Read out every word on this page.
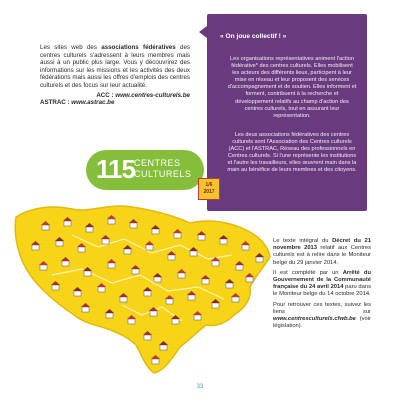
Les sites web des associations fédératives des centres culturels s'adressent à leurs membres mais aussi à un public plus large. Vous y découvrirez des informations sur les missions et les activités des deux fédérations mais aussi les offres d'emplois des centres culturels et des focus sur leur actualité.
ACC : www.centres-culturels.be
ASTRAC : www.astrac.be
« On joue collectif ! »
Les organisations représentatives animent l'action fédérative* des centres culturels. Elles mobilisent les acteurs des différents lieux, participent à leur mise en réseau et leur proposent des services d'accompagnement et de soutien. Elles informent et forment, contribuent à la recherche et développement relatifs au champ d'action des centres culturels, tout en assurant leur représentation.
Les deux associations fédératives des centres culturels sont l'Association des Centres culturels (ACC) et l'ASTRAC, Réseau des professionnels en Centres culturels. Si l'une représente les institutions et l'autre les travailleurs, elles œuvrent main dans la main au bénéfice de leurs membres et des citoyens.
115 CENTRES
CULTURELS
1/6
2017

Le texte intégral du Décret du 21 novembre 2013 relatif aux Centres culturels est à relire dans le Moniteur belge du 29 janvier 2014.

Il est complété par un Arrêté du Gouvernement de la Communauté française du 24 avril 2014 paru dans le Moniteur belge du 14 octobre 2014.

Pour retrouver ces textes, suivez les liens sur www.centresculturels.cfwb.be (voir législation).

33
